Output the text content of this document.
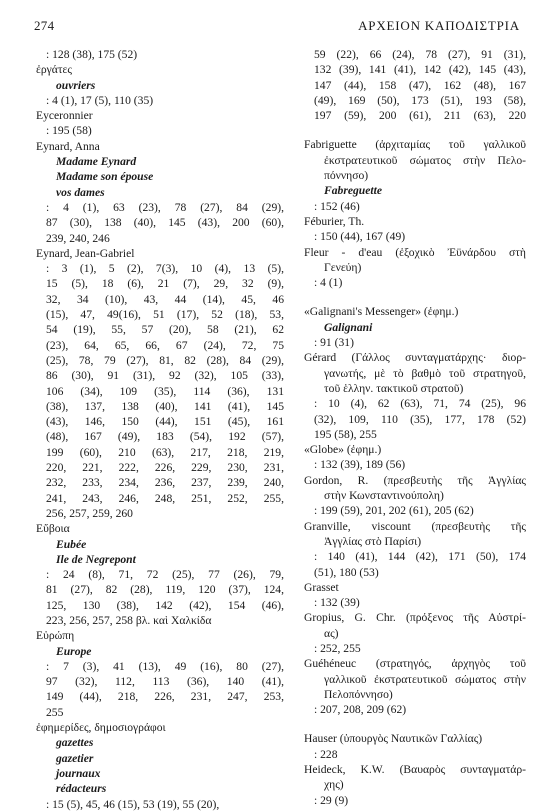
274	ΑΡΧΕΙΟΝ ΚΑΠΟΔΙΣΤΡΙΑ
: 128 (38), 175 (52)
ἐργάτες
ouvriers
: 4 (1), 17 (5), 110 (35)
Eyceronnier
: 195 (58)
Eynard, Anna
Madame Eynard
Madame son épouse
vos dames
: 4 (1), 63 (23), 78 (27), 84 (29),
87 (30), 138 (40), 145 (43), 200 (60),
239, 240, 246
Eynard, Jean-Gabriel
: 3 (1), 5 (2), 7(3), 10 (4), 13 (5),
15 (5), 18 (6), 21 (7), 29, 32 (9),
32, 34 (10), 43, 44 (14), 45, 46
(15), 47, 49(16), 51 (17), 52 (18), 53,
54 (19), 55, 57 (20), 58 (21), 62
(23), 64, 65, 66, 67 (24), 72, 75
(25), 78, 79 (27), 81, 82 (28), 84 (29),
86 (30), 91 (31), 92 (32), 105 (33),
106 (34), 109 (35), 114 (36), 131
(38), 137, 138 (40), 141 (41), 145
(43), 146, 150 (44), 151 (45), 161
(48), 167 (49), 183 (54), 192 (57),
199 (60), 210 (63), 217, 218, 219,
220, 221, 222, 226, 229, 230, 231,
232, 233, 234, 236, 237, 239, 240,
241, 243, 246, 248, 251, 252, 255,
256, 257, 259, 260
Εὔβοια
Eubée
Ile de Negrepont
: 24 (8), 71, 72 (25), 77 (26), 79,
81 (27), 82 (28), 119, 120 (37), 124,
125, 130 (38), 142 (42), 154 (46),
223, 256, 257, 258 βλ. καὶ Χαλκίδα
Εὐρώπη
Europe
: 7 (3), 41 (13), 49 (16), 80 (27),
97 (32), 112, 113 (36), 140 (41),
149 (44), 218, 226, 231, 247, 253,
255
ἐφημερίδες, δημοσιογράφοι
gazettes
gazetier
journaux
rédacteurs
: 15 (5), 45, 46 (15), 53 (19), 55 (20),
59 (22), 66 (24), 78 (27), 91 (31),
132 (39), 141 (41), 142 (42), 145 (43),
147 (44), 158 (47), 162 (48), 167
(49), 169 (50), 173 (51), 193 (58),
197 (59), 200 (61), 211 (63), 220
Fabriguette (ἀρχιταμίας τοῦ γαλλικοῦ
ἐκστρατευτικοῦ σώματος στὴν Πελο-
πόννησο)
Fabreguette
: 152 (46)
Féburier, Th.
: 150 (44), 167 (49)
Fleur - d'eau (ἐξοχικὸ Ἐϋνάρδου στὴ
Γενεύη)
: 4 (1)
«Galignani's Messenger» (ἐφημ.)
Galignani
: 91 (31)
Gérard (Γάλλος συνταγματάρχης· διορ-
γανωτής, μὲ τὸ βαθμὸ τοῦ στρατηγοῦ,
τοῦ ἑλλην. τακτικοῦ στρατοῦ)
: 10 (4), 62 (63), 71, 74 (25), 96
(32), 109, 110 (35), 177, 178 (52)
195 (58), 255
«Globe» (ἐφημ.)
: 132 (39), 189 (56)
Gordon, R. (πρεσβευτὴς τῆς Ἀγγλίας
στὴν Κωνσταντινούπολη)
: 199 (59), 201, 202 (61), 205 (62)
Granville, viscount (πρεσβευτὴς τῆς
Ἀγγλίας στὸ Παρίσι)
: 140 (41), 144 (42), 171 (50), 174
(51), 180 (53)
Grasset
: 132 (39)
Gropius, G. Chr. (πρόξενος τῆς Αὐστρί-
ας)
: 252, 255
Guéhéneuc (στρατηγός, ἀρχηγὸς τοῦ
γαλλικοῦ ἐκστρατευτικοῦ σώματος στὴν
Πελοπόννησο)
: 207, 208, 209 (62)
Hauser (ὑπουργὸς Ναυτικῶν Γαλλίας)
: 228
Heideck, K.W. (Βαυαρὸς συνταγματάρ-
χης)
: 29 (9)
